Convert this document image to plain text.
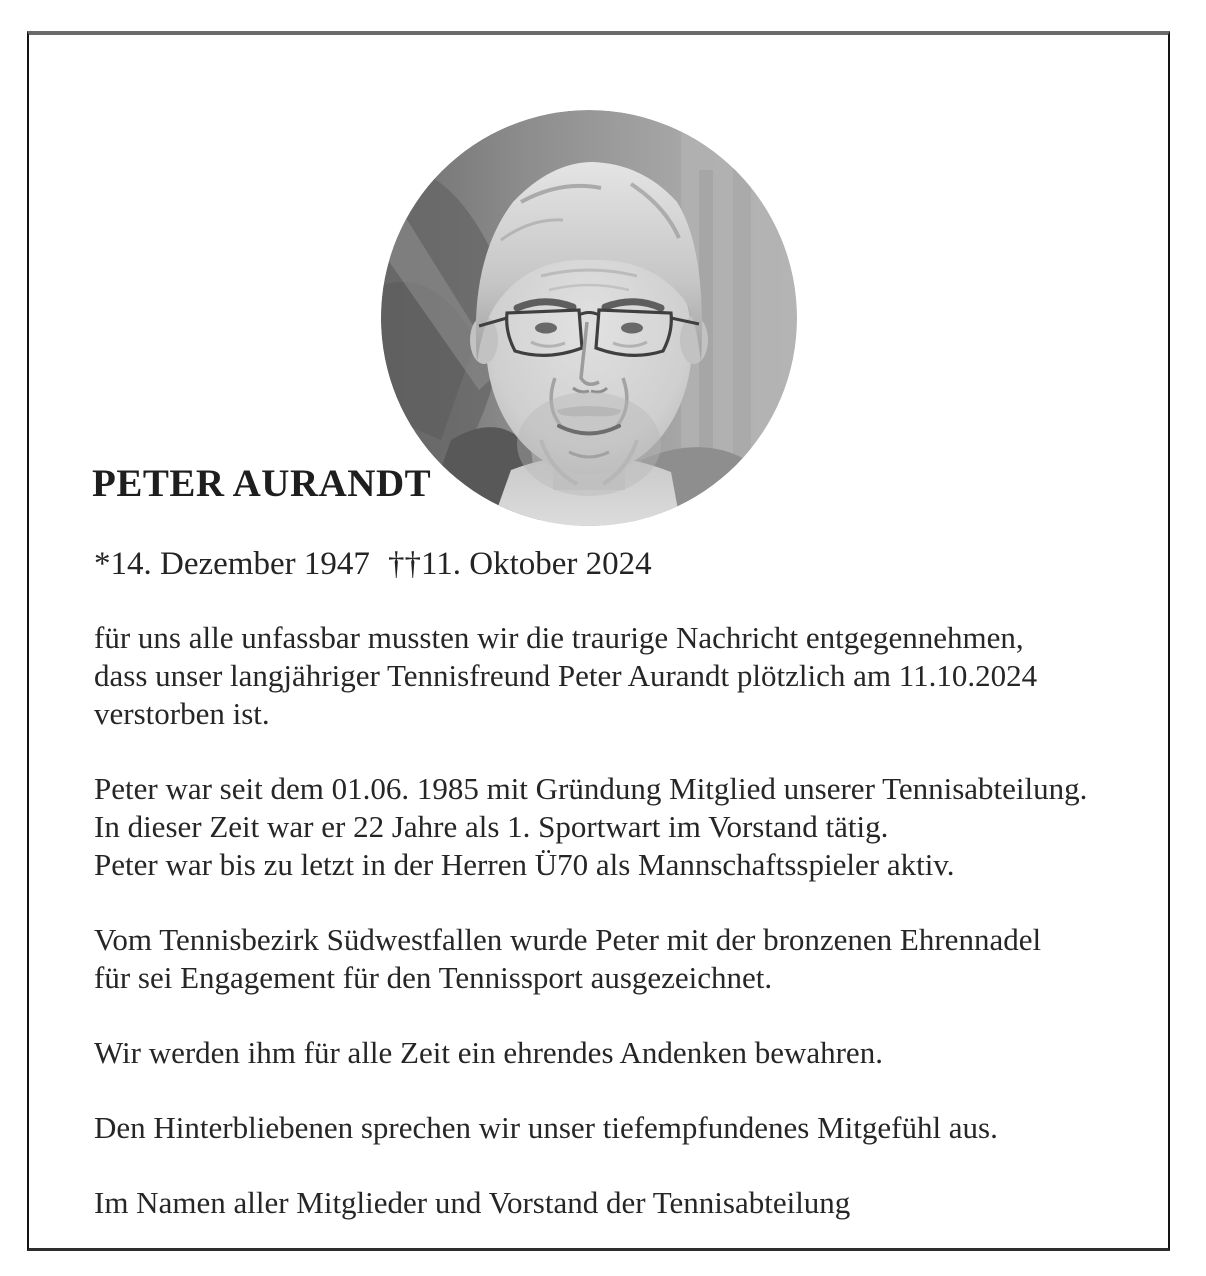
PETER AURANDT
*14. Dezember 1947 ††11. Oktober 2024

für uns alle unfassbar mussten wir die traurige Nachricht entgegennehmen,
dass unser langjähriger Tennisfreund Peter Aurandt plötzlich am 11.10.2024
verstorben ist.

Peter war seit dem 01.06. 1985 mit Gründung Mitglied unserer Tennisabteilung.
In dieser Zeit war er 22 Jahre als 1. Sportwart im Vorstand tätig.
Peter war bis zu letzt in der Herren Ü70 als Mannschaftsspieler aktiv.

Vom Tennisbezirk Südwestfallen wurde Peter mit der bronzenen Ehrennadel
für sei Engagement für den Tennissport ausgezeichnet.

Wir werden ihm für alle Zeit ein ehrendes Andenken bewahren.

Den Hinterbliebenen sprechen wir unser tiefempfundenes Mitgefühl aus.

Im Namen aller Mitglieder und Vorstand der Tennisabteilung
